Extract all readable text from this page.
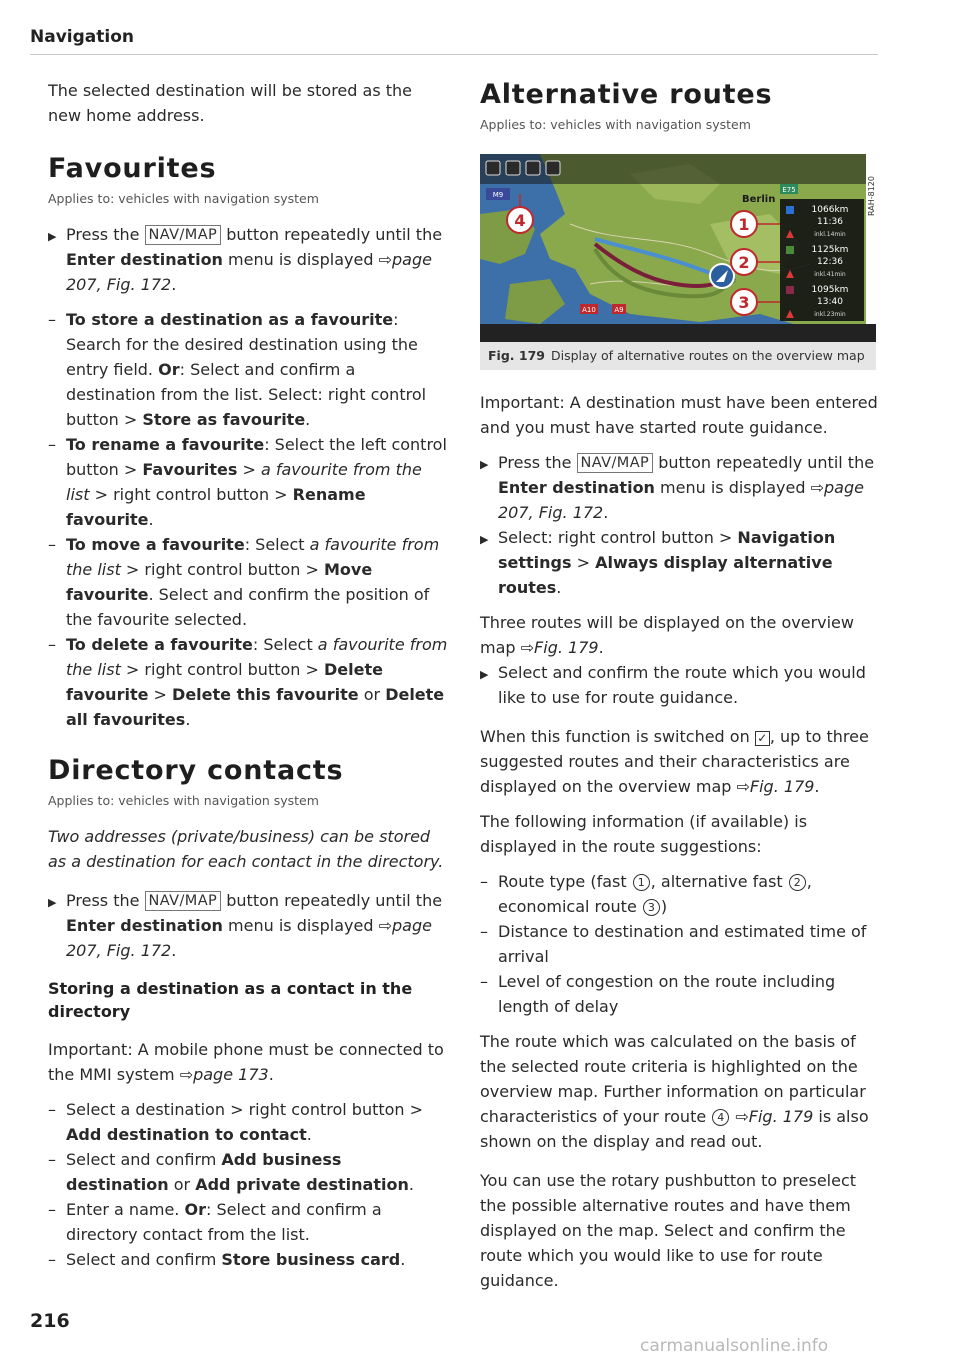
Navigation

The selected destination will be stored as the new home address.

Favourites

Applies to: vehicles with navigation system

▶ Press the NAV/MAP button repeatedly until the Enter destination menu is displayed ⇨page 207, Fig. 172.
– To store a destination as a favourite: Search for the desired destination using the entry field. Or: Select and confirm a destination from the list. Select: right control button > Store as favourite.
– To rename a favourite: Select the left control button > Favourites > a favourite from the list > right control button > Rename favourite.
– To move a favourite: Select a favourite from the list > right control button > Move favourite. Select and confirm the position of the favourite selected.
– To delete a favourite: Select a favourite from the list > right control button > Delete favourite > Delete this favourite or Delete all favourites.
Directory contacts

Applies to: vehicles with navigation system

Two addresses (private/business) can be stored as a destination for each contact in the directory.

▶ Press the NAV/MAP button repeatedly until the Enter destination menu is displayed ⇨page 207, Fig. 172.

Storing a destination as a contact in the directory

Important: A mobile phone must be connected to the MMI system ⇨page 173.

– Select a destination > right control button > Add destination to contact.
– Select and confirm Add business destination or Add private destination.
– Enter a name. Or: Select and confirm a directory contact from the list.
– Select and confirm Store business card.
Alternative routes

Applies to: vehicles with navigation system

A10	A9
E75
M9	Berlin
1066km
11:36
inkl.14min
1125km
12:36
inkl.41min
1095km
13:40
inkl.23min
1
2
3
4
RAH-8120
Fig. 179 Display of alternative routes on the overview map

Important: A destination must have been entered and you must have started route guidance.

▶ Press the NAV/MAP button repeatedly until the Enter destination menu is displayed ⇨page 207, Fig. 172.
▶ Select: right control button > Navigation settings > Always display alternative routes.

Three routes will be displayed on the overview map ⇨Fig. 179.

▶ Select and confirm the route which you would like to use for route guidance.

When this function is switched on ✓ , up to three suggested routes and their characteristics are displayed on the overview map ⇨Fig. 179.

The following information (if available) is displayed in the route suggestions:

– Route type (fast 1 , alternative fast 2 , economical route 3 )
– Distance to destination and estimated time of arrival
– Level of congestion on the route including length of delay

The route which was calculated on the basis of the selected route criteria is highlighted on the overview map. Further information on particular characteristics of your route 4 ⇨Fig. 179 is also shown on the display and read out.

You can use the rotary pushbutton to preselect the possible alternative routes and have them displayed on the map. Select and confirm the route which you would like to use for route guidance.

216
carmanualsonline.info
